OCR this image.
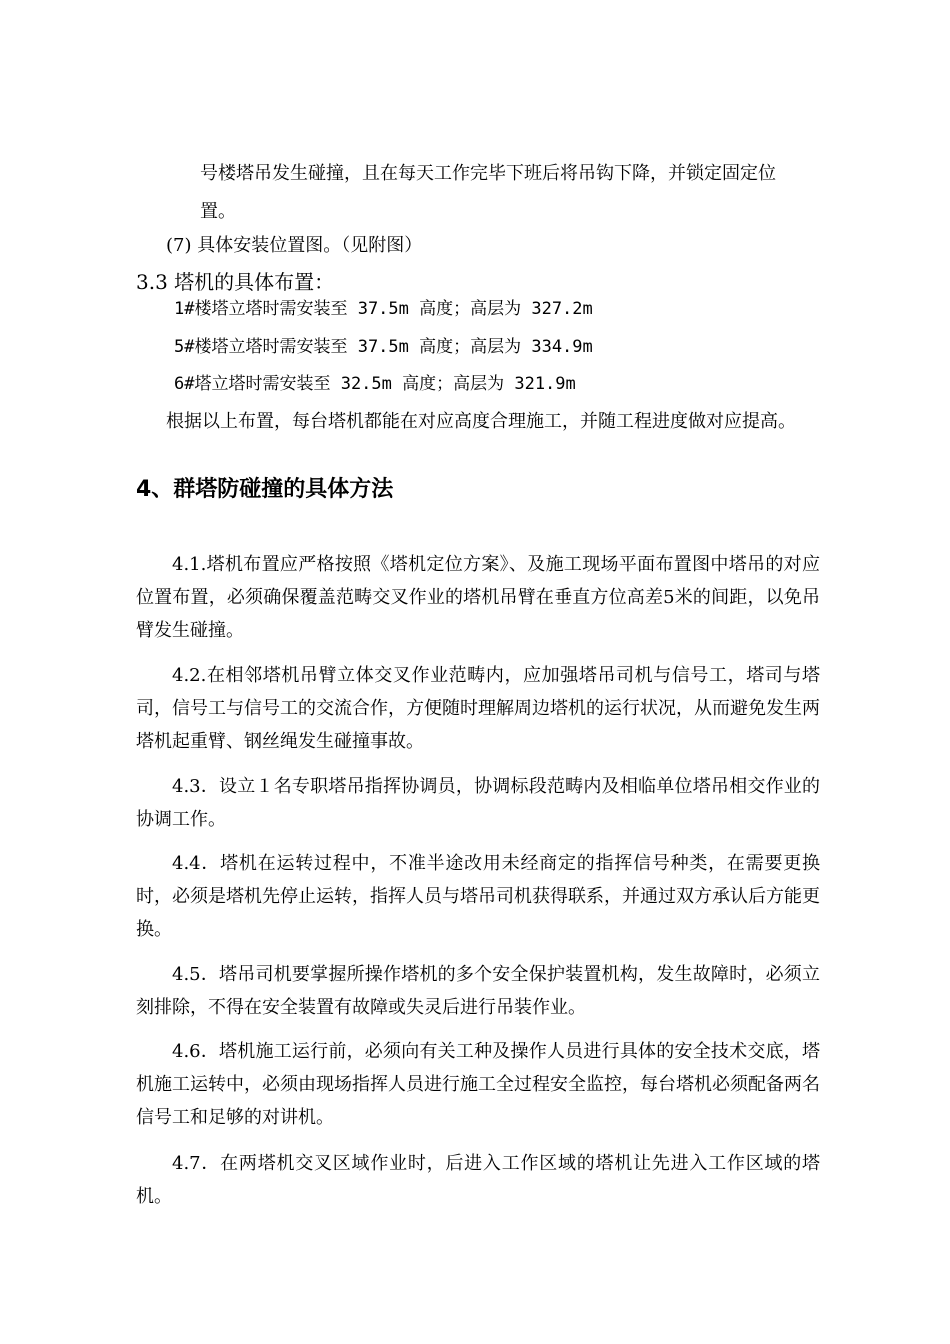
号楼塔吊发生碰撞，且在每天工作完毕下班后将吊钩下降，并锁定固定位
置。
(7) 具体安装位置图。（见附图）
3.3 塔机的具体布置：
1#楼塔立塔时需安装至 37.5m 高度；高层为 327.2m
5#楼塔立塔时需安装至 37.5m 高度；高层为 334.9m
6#塔立塔时需安装至 32.5m 高度；高层为 321.9m
根据以上布置，每台塔机都能在对应高度合理施工，并随工程进度做对应提高。
4、群塔防碰撞的具体方法
4.1.塔机布置应严格按照《塔机定位方案》、及施工现场平面布置图中塔吊的对应位置布置，必须确保覆盖范畴交叉作业的塔机吊臂在垂直方位高差5米的间距，以免吊臂发生碰撞。
4.2.在相邻塔机吊臂立体交叉作业范畴内，应加强塔吊司机与信号工，塔司与塔司，信号工与信号工的交流合作，方便随时理解周边塔机的运行状况，从而避免发生两塔机起重臂、钢丝绳发生碰撞事故。
4.3．设立１名专职塔吊指挥协调员，协调标段范畴内及相临单位塔吊相交作业的协调工作。
4.4．塔机在运转过程中，不准半途改用未经商定的指挥信号种类，在需要更换时，必须是塔机先停止运转，指挥人员与塔吊司机获得联系，并通过双方承认后方能更换。
4.5．塔吊司机要掌握所操作塔机的多个安全保护装置机构，发生故障时，必须立刻排除，不得在安全装置有故障或失灵后进行吊装作业。
4.6．塔机施工运行前，必须向有关工种及操作人员进行具体的安全技术交底，塔机施工运转中，必须由现场指挥人员进行施工全过程安全监控，每台塔机必须配备两名信号工和足够的对讲机。
4.7．在两塔机交叉区域作业时，后进入工作区域的塔机让先进入工作区域的塔机。
